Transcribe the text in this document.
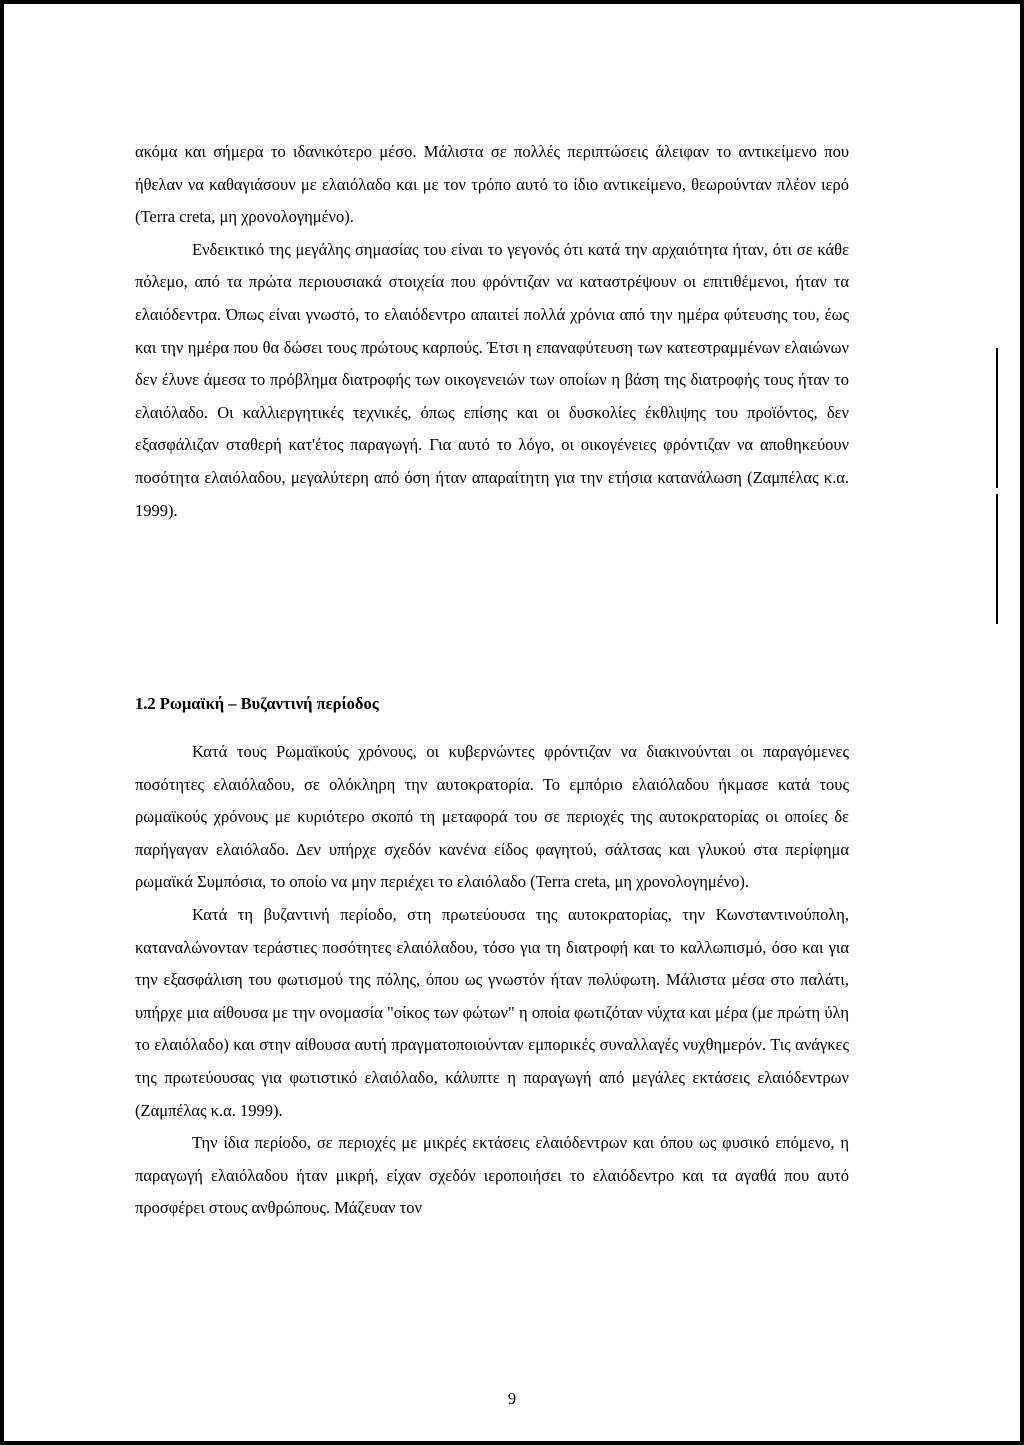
ακόμα και σήμερα το ιδανικότερο μέσο. Μάλιστα σε πολλές περιπτώσεις άλειφαν το αντικείμενο που ήθελαν να καθαγιάσουν με ελαιόλαδο και με τον τρόπο αυτό το ίδιο αντικείμενο, θεωρούνταν πλέον ιερό (Terra creta, μη χρονολογημένο).

Ενδεικτικό της μεγάλης σημασίας του είναι το γεγονός ότι κατά την αρχαιότητα ήταν, ότι σε κάθε πόλεμο, από τα πρώτα περιουσιακά στοιχεία που φρόντιζαν να καταστρέψουν οι επιτιθέμενοι, ήταν τα ελαιόδεντρα. Όπως είναι γνωστό, το ελαιόδεντρο απαιτεί πολλά χρόνια από την ημέρα φύτευσης του, έως και την ημέρα που θα δώσει τους πρώτους καρπούς. Έτσι η επαναφύτευση των κατεστραμμένων ελαιώνων δεν έλυνε άμεσα το πρόβλημα διατροφής των οικογενειών των οποίων η βάση της διατροφής τους ήταν το ελαιόλαδο. Οι καλλιεργητικές τεχνικές, όπως επίσης και οι δυσκολίες έκθλιψης του προϊόντος, δεν εξασφάλιζαν σταθερή κατ'έτος παραγωγή. Για αυτό το λόγο, οι οικογένειες φρόντιζαν να αποθηκεύουν ποσότητα ελαιόλαδου, μεγαλύτερη από όση ήταν απαραίτητη για την ετήσια κατανάλωση (Ζαμπέλας κ.α. 1999).

1.2 Ρωμαϊκή – Βυζαντινή περίοδος

Κατά τους Ρωμαϊκούς χρόνους, οι κυβερνώντες φρόντιζαν να διακινούνται οι παραγόμενες ποσότητες ελαιόλαδου, σε ολόκληρη την αυτοκρατορία. Το εμπόριο ελαιόλαδου ήκμασε κατά τους ρωμαϊκούς χρόνους με κυριότερο σκοπό τη μεταφορά του σε περιοχές της αυτοκρατορίας οι οποίες δε παρήγαγαν ελαιόλαδο. Δεν υπήρχε σχεδόν κανένα είδος φαγητού, σάλτσας και γλυκού στα περίφημα ρωμαϊκά Συμπόσια, το οποίο να μην περιέχει το ελαιόλαδο (Terra creta, μη χρονολογημένο).

Κατά τη βυζαντινή περίοδο, στη πρωτεύουσα της αυτοκρατορίας, την Κωνσταντινούπολη, καταναλώνονταν τεράστιες ποσότητες ελαιόλαδου, τόσο για τη διατροφή και το καλλωπισμό, όσο και για την εξασφάλιση του φωτισμού της πόλης, όπου ως γνωστόν ήταν πολύφωτη. Μάλιστα μέσα στο παλάτι, υπήρχε μια αίθουσα με την ονομασία "οίκος των φώτων" η οποία φωτιζόταν νύχτα και μέρα (με πρώτη ύλη το ελαιόλαδο) και στην αίθουσα αυτή πραγματοποιούνταν εμπορικές συναλλαγές νυχθημερόν. Τις ανάγκες της πρωτεύουσας για φωτιστικό ελαιόλαδο, κάλυπτε η παραγωγή από μεγάλες εκτάσεις ελαιόδεντρων (Ζαμπέλας κ.α. 1999).

Την ίδια περίοδο, σε περιοχές με μικρές εκτάσεις ελαιόδεντρων και όπου ως φυσικό επόμενο, η παραγωγή ελαιόλαδου ήταν μικρή, είχαν σχεδόν ιεροποιήσει το ελαιόδεντρο και τα αγαθά που αυτό προσφέρει στους ανθρώπους. Μάζευαν τον

9
